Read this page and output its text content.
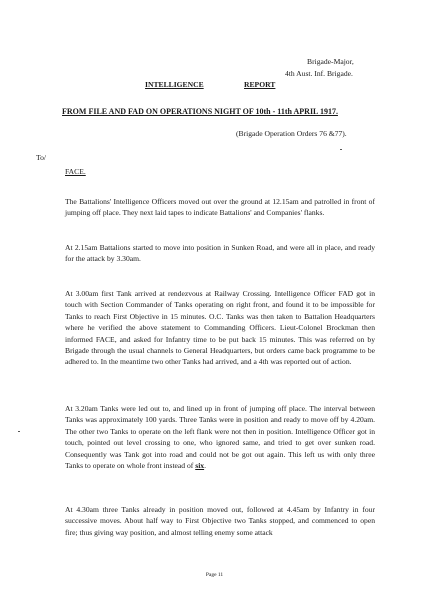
Brigade-Major,
4th Aust. Inf. Brigade.
INTELLIGENCE	REPORT
FROM FILE AND FAD ON OPERATIONS NIGHT OF 10th - 11th APRIL 1917.
(Brigade Operation Orders 76 &77).
To/
FACE.
The Battalions' Intelligence Officers moved out over the ground at 12.15am and patrolled in front of jumping off place. They next laid tapes to indicate Battalions' and Companies' flanks.
At 2.15am Battalions started to move into position in Sunken Road, and were all in place, and ready for the attack by 3.30am.
At 3.00am first Tank arrived at rendezvous at Railway Crossing. Intelligence Officer FAD got in touch with Section Commander of Tanks operating on right front, and found it to be impossible for Tanks to reach First Objective in 15 minutes. O.C. Tanks was then taken to Battalion Headquarters where he verified the above statement to Commanding Officers. Lieut-Colonel Brockman then informed FACE, and asked for Infantry time to be put back 15 minutes. This was referred on by Brigade through the usual channels to General Headquarters, but orders came back programme to be adhered to. In the meantime two other Tanks had arrived, and a 4th was reported out of action.
At 3.20am Tanks were led out to, and lined up in front of jumping off place. The interval between Tanks was approximately 100 yards. Three Tanks were in position and ready to move off by 4.20am. The other two Tanks to operate on the left flank were not then in position. Intelligence Officer got in touch, pointed out level crossing to one, who ignored same, and tried to get over sunken road. Consequently was Tank got into road and could not be got out again. This left us with only three Tanks to operate on whole front instead of six.
At 4.30am three Tanks already in position moved out, followed at 4.45am by Infantry in four successive moves. About half way to First Objective two Tanks stopped, and commenced to open fire; thus giving way position, and almost telling enemy some attack
Page 11
